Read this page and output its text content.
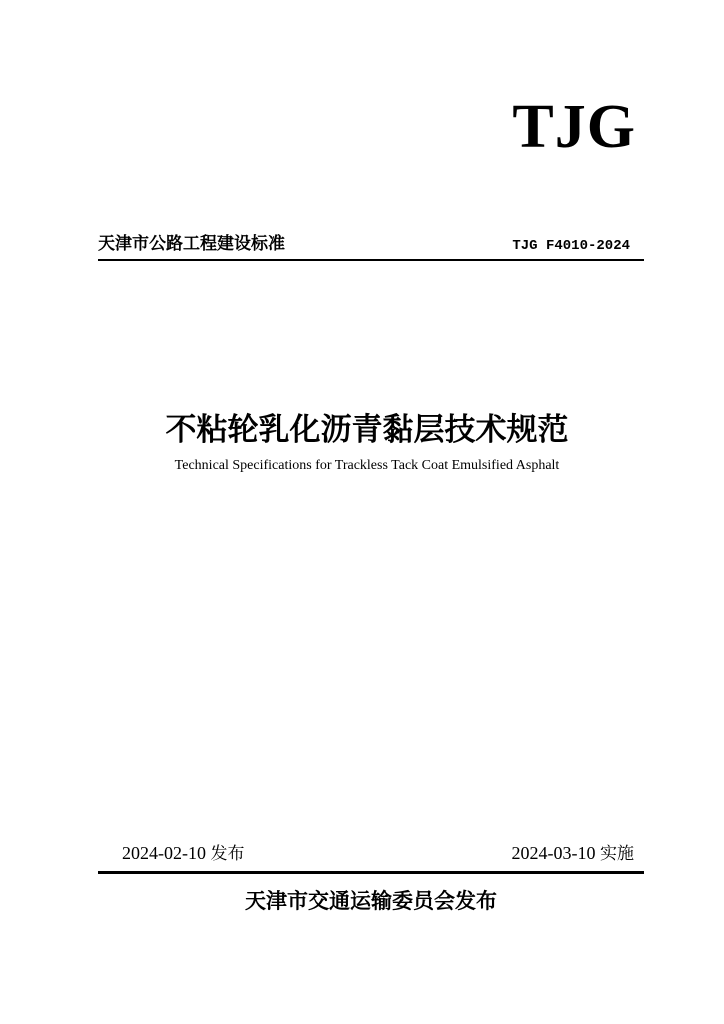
TJG
天津市公路工程建设标准	TJG F4010-2024
不粘轮乳化沥青黏层技术规范
Technical Specifications for Trackless Tack Coat Emulsified Asphalt
2024-02-10 发布	2024-03-10 实施
天津市交通运输委员会发布
